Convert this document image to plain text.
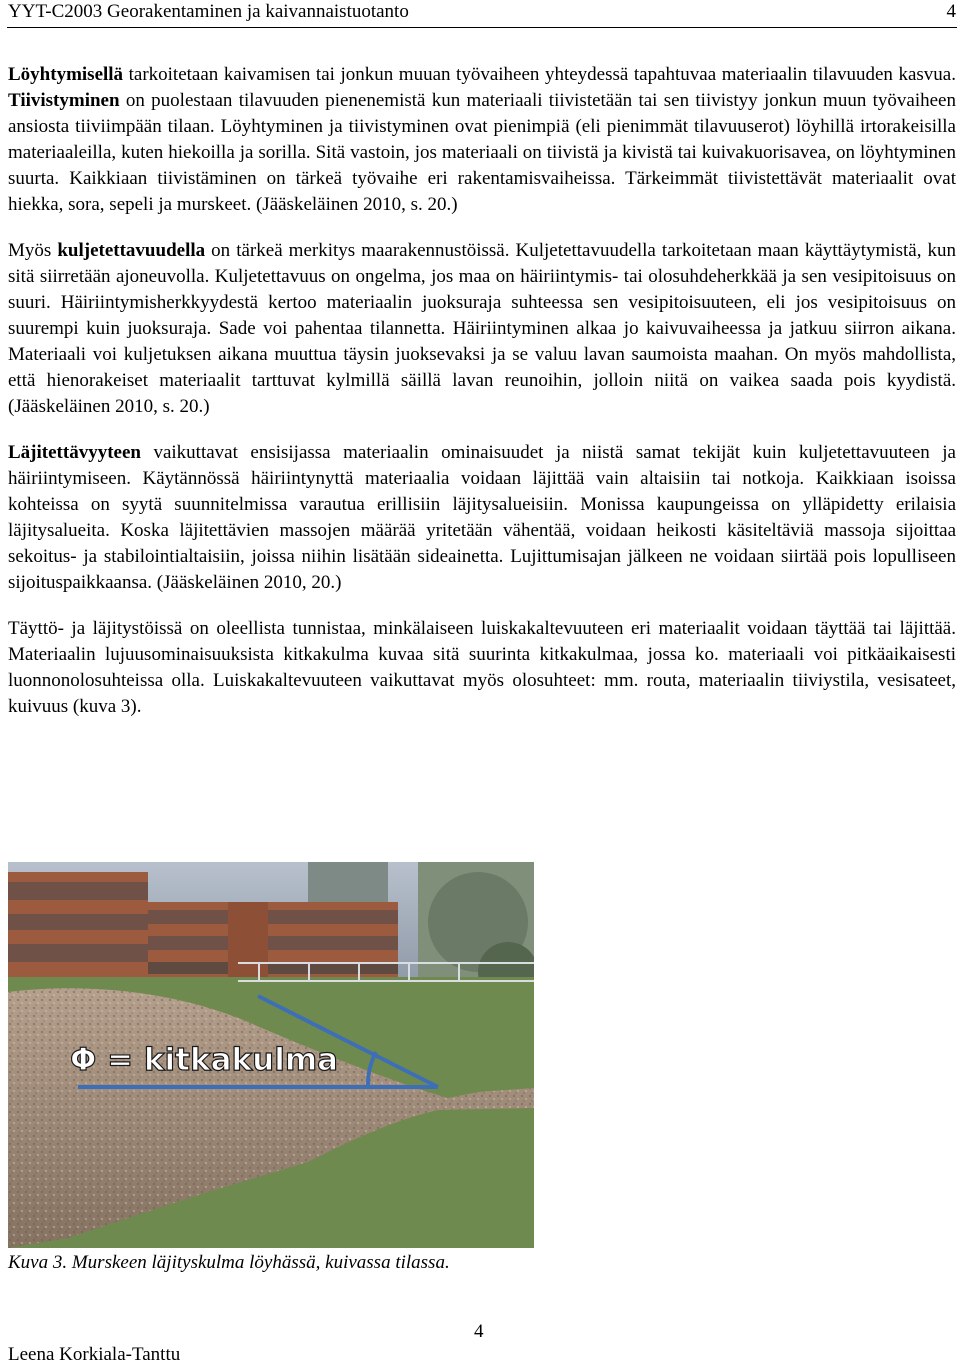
YYT-C2003 Georakentaminen ja kaivannaistuotanto	4

Löyhtymisellä tarkoitetaan kaivamisen tai jonkun muuan työvaiheen yhteydessä tapahtuvaa materiaalin tilavuuden kasvua. Tiivistyminen on puolestaan tilavuuden pienenemistä kun materiaali tiivistetään tai sen tiivistyy jonkun muun työvaiheen ansiosta tiiviimpään tilaan. Löyhtyminen ja tiivistyminen ovat pienimpiä (eli pienimmät tilavuuserot) löyhillä irtorakeisilla materiaaleilla, kuten hiekoilla ja sorilla. Sitä vastoin, jos materiaali on tiivistä ja kivistä tai kuivakuorisavea, on löyhtyminen suurta. Kaikkiaan tiivistäminen on tärkeä työvaihe eri rakentamisvaiheissa. Tärkeimmät tiivistettävät materiaalit ovat hiekka, sora, sepeli ja murskeet. (Jääskeläinen 2010, s. 20.)

Myös kuljetettavuudella on tärkeä merkitys maarakennustöissä. Kuljetettavuudella tarkoitetaan maan käyttäytymistä, kun sitä siirretään ajoneuvolla. Kuljetettavuus on ongelma, jos maa on häiriintymis- tai olosuhdeherkkää ja sen vesipitoisuus on suuri. Häiriintymisherkkyydestä kertoo materiaalin juoksuraja suhteessa sen vesipitoisuuteen, eli jos vesipitoisuus on suurempi kuin juoksuraja. Sade voi pahentaa tilannetta. Häiriintyminen alkaa jo kaivuvaiheessa ja jatkuu siirron aikana. Materiaali voi kuljetuksen aikana muuttua täysin juoksevaksi ja se valuu lavan saumoista maahan. On myös mahdollista, että hienorakeiset materiaalit tarttuvat kylmillä säillä lavan reunoihin, jolloin niitä on vaikea saada pois kyydistä. (Jääskeläinen 2010, s. 20.)

Läjitettävyyteen vaikuttavat ensisijassa materiaalin ominaisuudet ja niistä samat tekijät kuin kuljetettavuuteen ja häiriintymiseen. Käytännössä häiriintynyttä materiaalia voidaan läjittää vain altaisiin tai notkoja. Kaikkiaan isoissa kohteissa on syytä suunnitelmissa varautua erillisiin läjitysalueisiin. Monissa kaupungeissa on ylläpidetty erilaisia läjitysalueita. Koska läjitettävien massojen määrää yritetään vähentää, voidaan heikosti käsiteltäviä massoja sijoittaa sekoitus- ja stabilointialtaisiin, joissa niihin lisätään sideainetta. Lujittumisajan jälkeen ne voidaan siirtää pois lopulliseen sijoituspaikkaansa. (Jääskeläinen 2010, 20.)

Täyttö- ja läjitystöissä on oleellista tunnistaa, minkälaiseen luiskakaltevuuteen eri materiaalit voidaan täyttää tai läjittää. Materiaalin lujuusominaisuuksista kitkakulma kuvaa sitä suurinta kitkakulmaa, jossa ko. materiaali voi pitkäaikaisesti luonnonolosuhteissa olla. Luiskakaltevuuteen vaikuttavat myös olosuhteet: mm. routa, materiaalin tiiviystila, vesisateet, kuivuus (kuva 3).

Φ = kitkakulma
Kuva 3. Murskeen läjityskulma löyhässä, kuivassa tilassa.
4
Leena Korkiala-Tanttu
